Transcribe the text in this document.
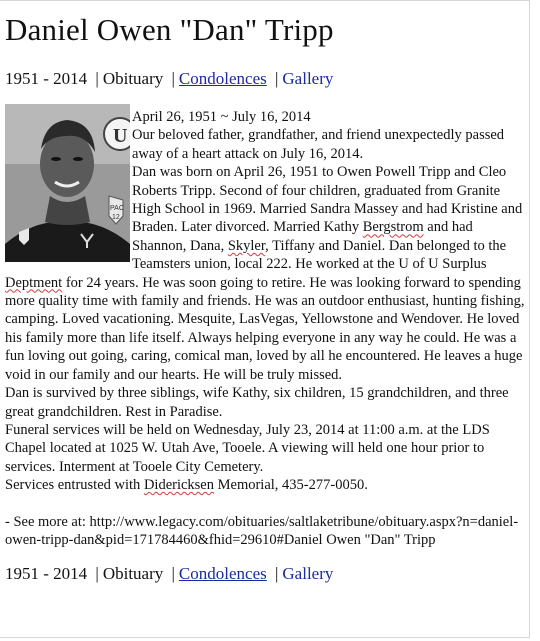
Daniel Owen "Dan" Tripp
1951 - 2014 | Obituary | Condolences | Gallery
U
PAC
12
April 26, 1951 ~ July 16, 2014
Our beloved father, grandfather, and friend unexpectedly passed away of a heart attack on July 16, 2014.
Dan was born on April 26, 1951 to Owen Powell Tripp and Cleo Roberts Tripp. Second of four children, graduated from Granite High School in 1969. Married Sandra Massey and had Kristine and Braden. Later divorced. Married Kathy Bergstrom and had Shannon, Dana, Skyler, Tiffany and Daniel. Dan belonged to the Teamsters union, local 222. He worked at the U of U Surplus Deptment for 24 years. He was soon going to retire. He was looking forward to spending more quality time with family and friends. He was an outdoor enthusiast, hunting fishing, camping. Loved vacationing. Mesquite, LasVegas, Yellowstone and Wendover. He loved his family more than life itself. Always helping everyone in any way he could. He was a fun loving out going, caring, comical man, loved by all he encountered. He leaves a huge void in our family and our hearts. He will be truly missed.
Dan is survived by three siblings, wife Kathy, six children, 15 grandchildren, and three great grandchildren. Rest in Paradise.
Funeral services will be held on Wednesday, July 23, 2014 at 11:00 a.m. at the LDS Chapel located at 1025 W. Utah Ave, Tooele. A viewing will held one hour prior to services. Interment at Tooele City Cemetery.
Services entrusted with Didericksen Memorial, 435-277-0050.
- See more at: http://www.legacy.com/obituaries/saltlaketribune/obituary.aspx?n=daniel-owen-tripp-dan&pid=171784460&fhid=29610#Daniel Owen "Dan" Tripp
1951 - 2014 | Obituary | Condolences | Gallery
